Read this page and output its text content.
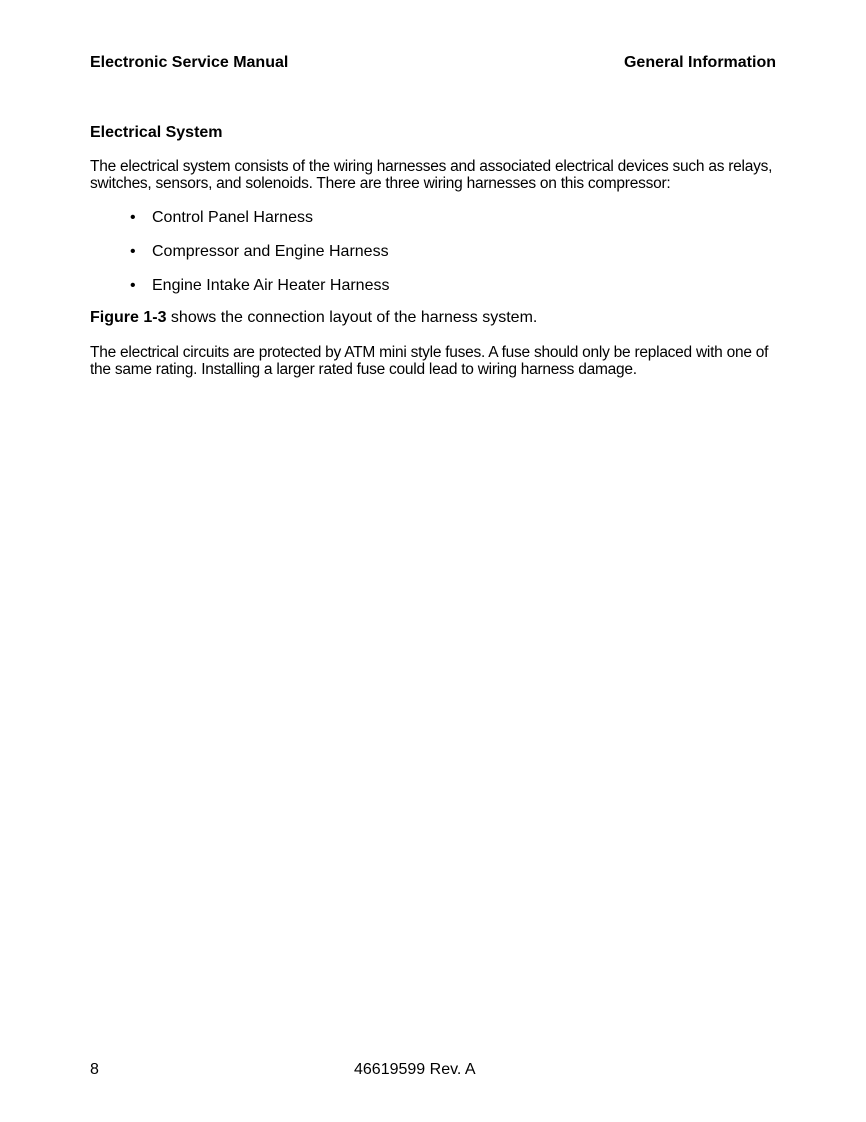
Electronic Service Manual	General Information
Electrical System

The electrical system consists of the wiring harnesses and associated electrical devices such as relays, switches, sensors, and solenoids. There are three wiring harnesses on this compressor:

• Control Panel Harness
• Compressor and Engine Harness
• Engine Intake Air Heater Harness

Figure 1-3 shows the connection layout of the harness system.

The electrical circuits are protected by ATM mini style fuses. A fuse should only be replaced with one of the same rating. Installing a larger rated fuse could lead to wiring harness damage.

8	46619599 Rev. A
